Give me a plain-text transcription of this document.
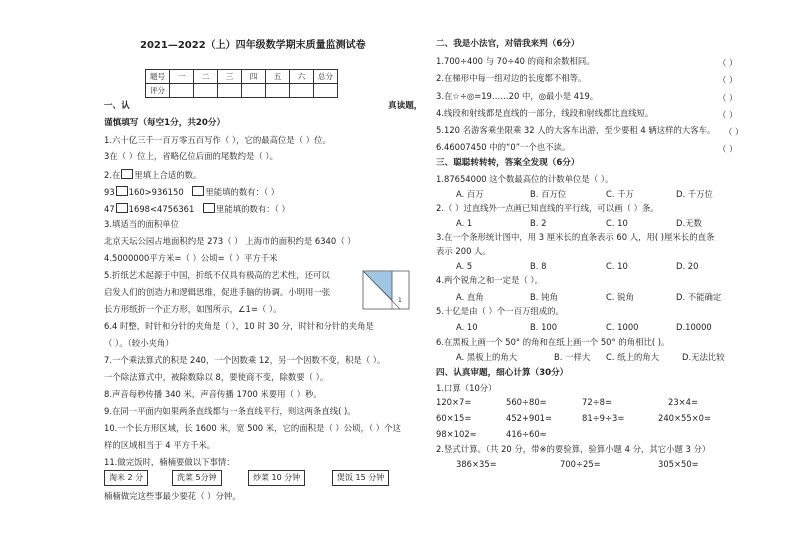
2021—2022（上）四年级数学期末质量监测试卷
题号	一	二	三	四	五	六	总分
评分							
一、认	真读题，
谨慎填写（每空1分，共20分）
1.六十亿三千一百万零五百写作（ ），它的最高位是（ ）位。
3在（ ）位上，省略亿位后面的尾数约是（ ）。
2.在 里填上合适的数。
93 160>936150	里能填的数有：（ ）
47 1698<4756361	里能填的数有：（ ）
3.填适当的面积单位
北京天坛公园占地面积约是 273（ ） 上海市的面积约是 6340（ ）
4.5000000平方米=（ ）公顷=（ ）平方千米
5.折纸艺术起源于中国，折纸不仅具有极高的艺术性，还可以
启发人们的创造力和逻辑思维，促进手脑的协调。小明用一张
长方形纸折一个正方形，如图所示，∠1=（ ）。
1
6.4 时整，时针和分针的夹角是（ ），10 时 30 分，时针和分针的夹角是
（ ）。（较小夹角）
7.一个乘法算式的积是 240，一个因数乘 12，另一个因数不变，积是（ ）。
一个除法算式中，被除数除以 8，要使商不变，除数要（ ）。
8.声音每秒传播 340 米，声音传播 1700 米要用（ ）秒。
9.在同一平面内如果两条直线都与一条直线平行，则这两条直线( )。
10.一个长方形区域，长 1600 米，宽 500 米，它的面积是（ ）公顷，（ ）个这
样的区域相当于 4 平方千米。
11.做完饭时，楠楠要做以下事情：
淘米 2 分	洗菜 5分钟	炒菜 10 分钟	煲饭 15 分钟
楠楠做完这些事最少要花（ ）分钟。
二、我是小法官，对错我来判（6分）
1.700÷400 与 70÷40 的商和余数相同。	（ ）
2.在梯形中每一组对边的长度都不相等。	（ ）
3.在☆÷◎=19……20 中，◎最小是 419。	（ ）
4.线段和射线都是直线的一部分，线段和射线都比直线短。	（ ）
5.120 名游客乘坐限乘 32 人的大客车出游，至少要租 4 辆这样的大客车。 （ ）
6.46007450 中的“0”一个也不读。	（ ）
三、聪聪转转转，答案全发现（6分）
1.87654000 这个数最高位的计数单位是（ ）。
A. 百万	B. 百万位	C. 千万	D. 千万位
2.（ ）过直线外一点画已知直线的平行线，可以画（ ）条。
A. 1	B. 2	C. 10	D.无数
3.在一个条形统计图中，用 3 厘米长的直条表示 60 人，用( )厘米长的直条
表示 200 人。
A. 5	B. 8	C. 10	D. 20
4.两个锐角之和一定是（ ）。
A. 直角	B. 钝角	C. 锐角	D. 不能确定
5.十亿是由（ ）个一百万组成的。
A. 10	B. 100	C. 1000	D.10000
6.在黑板上画一个 50° 的角和在纸上画一个 50° 的角相比( )。
A. 黑板上的角大	B. 一样大 C. 纸上的角大	D.无法比较
四、认真审题，细心计算（30分）
1.口算（10分）
120×7=	560÷80=	72÷8=	23×4=
60×15=	452+901=	81÷9÷3=	240×55×0=
98×102≈	416÷60≈
2.竖式计算。（共 20 分，带※的要验算，验算小题 4 分，其它小题 3 分）
386×35=	700÷25=	305×50=
